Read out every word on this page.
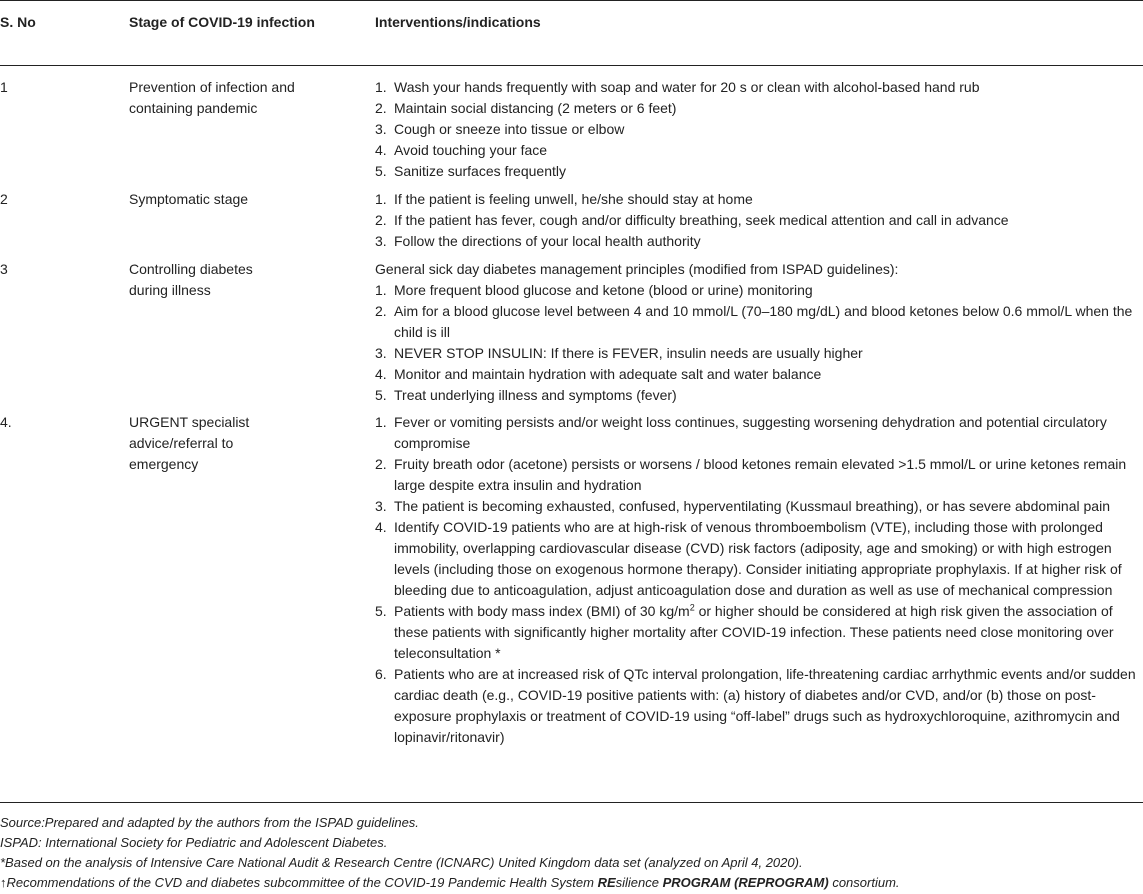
S. No	Stage of COVID-19 infection	Interventions/indications
1	Prevention of infection and containing pandemic
1. Wash your hands frequently with soap and water for 20 s or clean with alcohol-based hand rub
2. Maintain social distancing (2 meters or 6 feet)
3. Cough or sneeze into tissue or elbow
4. Avoid touching your face
5. Sanitize surfaces frequently
2	Symptomatic stage	1. If the patient is feeling unwell, he/she should stay at home
2. If the patient has fever, cough and/or difficulty breathing, seek medical attention and call in advance
3. Follow the directions of your local health authority
3	Controlling diabetes during illness
General sick day diabetes management principles (modified from ISPAD guidelines):
1. More frequent blood glucose and ketone (blood or urine) monitoring
2. Aim for a blood glucose level between 4 and 10 mmol/L (70–180 mg/dL) and blood ketones below 0.6 mmol/L when the child is ill
3. NEVER STOP INSULIN: If there is FEVER, insulin needs are usually higher
4. Monitor and maintain hydration with adequate salt and water balance
5. Treat underlying illness and symptoms (fever)
4.	URGENT specialist advice/referral to emergency
1. Fever or vomiting persists and/or weight loss continues, suggesting worsening dehydration and potential circulatory compromise
2. Fruity breath odor (acetone) persists or worsens / blood ketones remain elevated >1.5 mmol/L or urine ketones remain large despite extra insulin and hydration
3. The patient is becoming exhausted, confused, hyperventilating (Kussmaul breathing), or has severe abdominal pain
4. Identify COVID-19 patients who are at high-risk of venous thromboembolism (VTE), including those with prolonged immobility, overlapping cardiovascular disease (CVD) risk factors (adiposity, age and smoking) or with high estrogen levels (including those on exogenous hormone therapy). Consider initiating appropriate prophylaxis. If at higher risk of bleeding due to anticoagulation, adjust anticoagulation dose and duration as well as use of mechanical compression
5. Patients with body mass index (BMI) of 30 $kg/m^2$ or higher should be considered at high risk given the association of these patients with significantly higher mortality after COVID-19 infection. These patients need close monitoring over teleconsultation *
6. Patients who are at increased risk of QTc interval prolongation, life-threatening cardiac arrhythmic events and/or sudden cardiac death (e.g., COVID-19 positive patients with: (a) history of diabetes and/or CVD, and/or (b) those on post-exposure prophylaxis or treatment of COVID-19 using “off-label” drugs such as hydroxychloroquine, azithromycin and lopinavir/ritonavir)
Source:Prepared and adapted by the authors from the ISPAD guidelines.
ISPAD: International Society for Pediatric and Adolescent Diabetes.
*Based on the analysis of Intensive Care National Audit & Research Centre (ICNARC) United Kingdom data set (analyzed on April 4, 2020).
↑Recommendations of the CVD and diabetes subcommittee of the COVID-19 Pandemic Health System REsilience PROGRAM (REPROGRAM) consortium.
